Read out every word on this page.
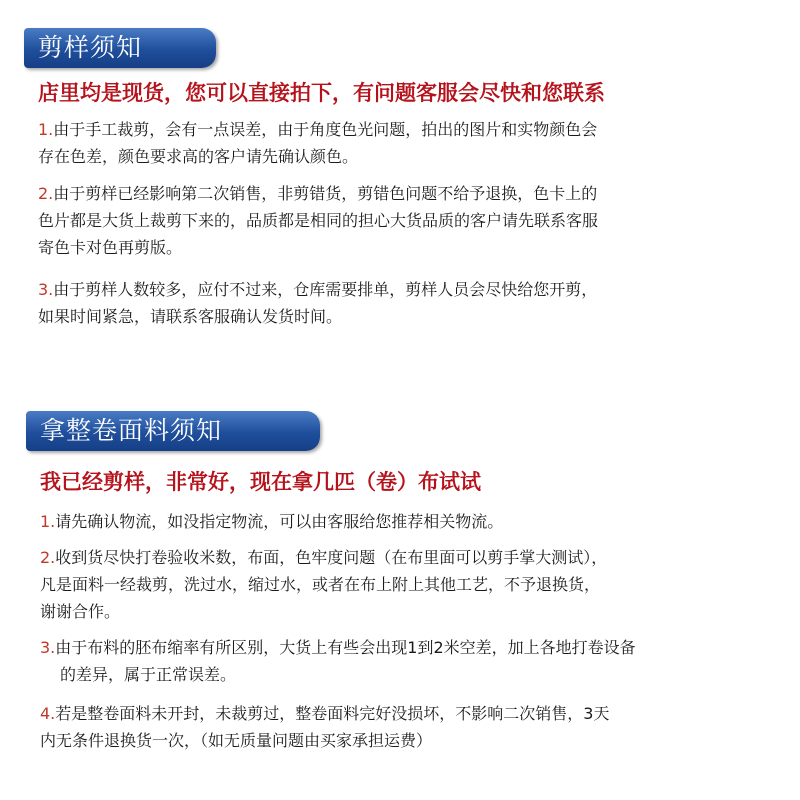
剪样须知
店里均是现货，您可以直接拍下，有问题客服会尽快和您联系
1.由于手工裁剪，会有一点误差，由于角度色光问题，拍出的图片和实物颜色会
存在色差，颜色要求高的客户请先确认颜色。
2.由于剪样已经影响第二次销售，非剪错货，剪错色问题不给予退换，色卡上的
色片都是大货上裁剪下来的，品质都是相同的担心大货品质的客户请先联系客服
寄色卡对色再剪版。
3.由于剪样人数较多，应付不过来，仓库需要排单，剪样人员会尽快给您开剪，
如果时间紧急，请联系客服确认发货时间。
拿整卷面料须知
我已经剪样，非常好，现在拿几匹（卷）布试试
1.请先确认物流，如没指定物流，可以由客服给您推荐相关物流。
2.收到货尽快打卷验收米数，布面，色牢度问题（在布里面可以剪手掌大测试），
凡是面料一经裁剪，洗过水，缩过水，或者在布上附上其他工艺，不予退换货，
谢谢合作。
3.由于布料的胚布缩率有所区别，大货上有些会出现1到2米空差，加上各地打卷设备
的差异，属于正常误差。
4.若是整卷面料未开封，未裁剪过，整卷面料完好没损坏，不影响二次销售，3天
内无条件退换货一次，（如无质量问题由买家承担运费）
